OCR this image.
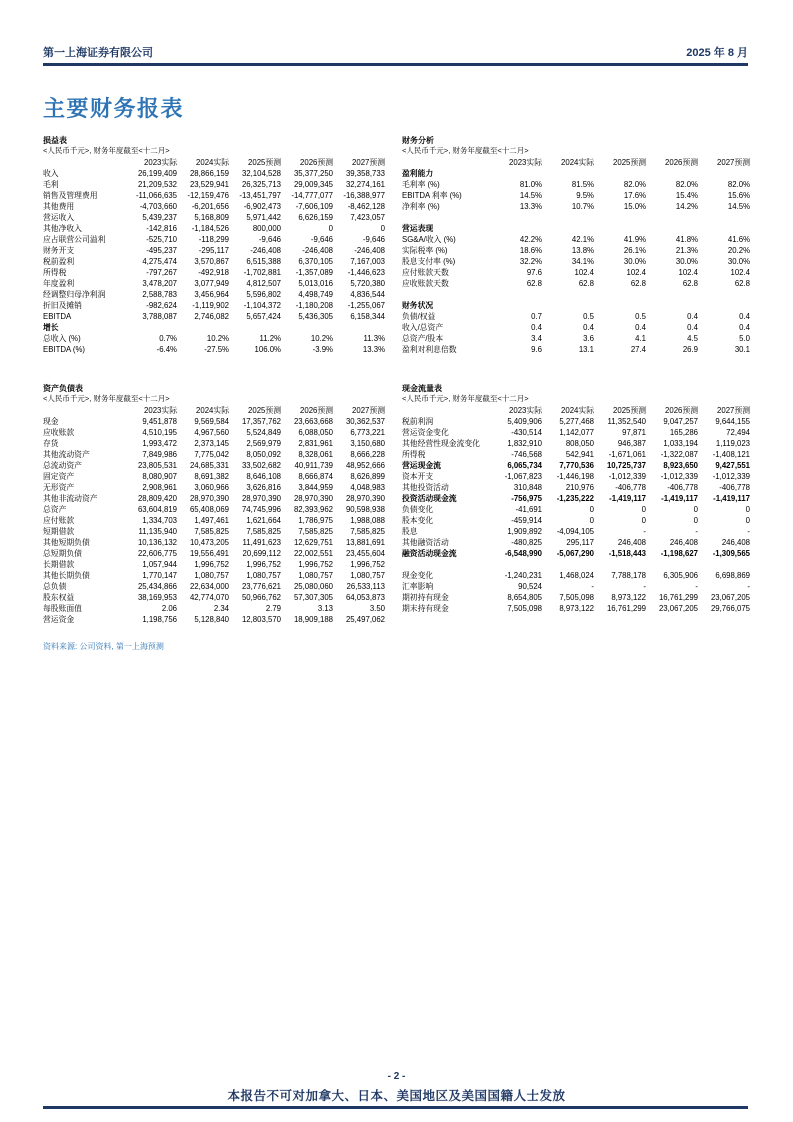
第一上海证券有限公司	2025 年 8 月
主要财务报表
损益表
<人民币千元>, 财务年度截至<十二月>
	2023实际	2024实际	2025预测	2026预测	2027预测
收入	26,199,409	28,866,159	32,104,528	35,377,250	39,358,733
毛利	21,209,532	23,529,941	26,325,713	29,009,345	32,274,161
销售及管理费用	-11,066,635	-12,159,476	-13,451,797	-14,777,077	-16,388,977
其他费用	-4,703,660	-6,201,656	-6,902,473	-7,606,109	-8,462,128
营运收入	5,439,237	5,168,809	5,971,442	6,626,159	7,423,057
其他净收入	-142,816	-1,184,526	800,000	0	0
应占联营公司溢利	-525,710	-118,299	-9,646	-9,646	-9,646
财务开支	-495,237	-295,117	-246,408	-246,408	-246,408
税前盈利	4,275,474	3,570,867	6,515,388	6,370,105	7,167,003
所得税	-797,267	-492,918	-1,702,881	-1,357,089	-1,446,623
年度盈利	3,478,207	3,077,949	4,812,507	5,013,016	5,720,380
经调整归母净利润	2,588,783	3,456,964	5,596,802	4,498,749	4,836,544
折旧及摊销	-982,624	-1,119,902	-1,104,372	-1,180,208	-1,255,067
EBITDA	3,788,087	2,746,082	5,657,424	5,436,305	6,158,344
增长					
总收入 (%)	0.7%	10.2%	11.2%	10.2%	11.3%
EBITDA (%)	-6.4%	-27.5%	106.0%	-3.9%	13.3%
财务分析
<人民币千元>, 财务年度截至<十二月>
	2023实际	2024实际	2025预测	2026预测	2027预测
盈利能力					
毛利率 (%)	81.0%	81.5%	82.0%	82.0%	82.0%
EBITDA 利率 (%)	14.5%	9.5%	17.6%	15.4%	15.6%
净利率 (%)	13.3%	10.7%	15.0%	14.2%	14.5%

营运表现					
SG&A/收入 (%)	42.2%	42.1%	41.9%	41.8%	41.6%
实际税率 (%)	18.6%	13.8%	26.1%	21.3%	20.2%
股息支付率 (%)	32.2%	34.1%	30.0%	30.0%	30.0%
应付账款天数	97.6	102.4	102.4	102.4	102.4
应收账款天数	62.8	62.8	62.8	62.8	62.8

财务状况					
负债/权益	0.7	0.5	0.5	0.4	0.4
收入/总资产	0.4	0.4	0.4	0.4	0.4
总资产/股本	3.4	3.6	4.1	4.5	5.0
盈利对利息倍数	9.6	13.1	27.4	26.9	30.1
资产负债表
<人民币千元>, 财务年度截至<十二月>
	2023实际	2024实际	2025预测	2026预测	2027预测
现金	9,451,878	9,569,584	17,357,762	23,663,668	30,362,537
应收账款	4,510,195	4,967,560	5,524,849	6,088,050	6,773,221
存货	1,993,472	2,373,145	2,569,979	2,831,961	3,150,680
其他流动资产	7,849,986	7,775,042	8,050,092	8,328,061	8,666,228
总流动资产	23,805,531	24,685,331	33,502,682	40,911,739	48,952,666
固定资产	8,080,907	8,691,382	8,646,108	8,666,874	8,626,899
无形资产	2,908,961	3,060,966	3,626,816	3,844,959	4,048,983
其他非流动资产	28,809,420	28,970,390	28,970,390	28,970,390	28,970,390
总资产	63,604,819	65,408,069	74,745,996	82,393,962	90,598,938
应付账款	1,334,703	1,497,461	1,621,664	1,786,975	1,988,088
短期借款	11,135,940	7,585,825	7,585,825	7,585,825	7,585,825
其他短期负债	10,136,132	10,473,205	11,491,623	12,629,751	13,881,691
总短期负债	22,606,775	19,556,491	20,699,112	22,002,551	23,455,604
长期借款	1,057,944	1,996,752	1,996,752	1,996,752	1,996,752
其他长期负债	1,770,147	1,080,757	1,080,757	1,080,757	1,080,757
总负债	25,434,866	22,634,000	23,776,621	25,080,060	26,533,113
股东权益	38,169,953	42,774,070	50,966,762	57,307,305	64,053,873
每股账面值	2.06	2.34	2.79	3.13	3.50
营运资金	1,198,756	5,128,840	12,803,570	18,909,188	25,497,062
现金流量表
<人民币千元>, 财务年度截至<十二月>
	2023实际	2024实际	2025预测	2026预测	2027预测
税前利润	5,409,906	5,277,468	11,352,540	9,047,257	9,644,155
营运资金变化	-430,514	1,142,077	97,871	165,286	72,494
其他经营性现金流变化	1,832,910	808,050	946,387	1,033,194	1,119,023
所得税	-746,568	542,941	-1,671,061	-1,322,087	-1,408,121
营运现金流	6,065,734	7,770,536	10,725,737	8,923,650	9,427,551
资本开支	-1,067,823	-1,446,198	-1,012,339	-1,012,339	-1,012,339
其他投资活动	310,848	210,976	-406,778	-406,778	-406,778
投资活动现金流	-756,975	-1,235,222	-1,419,117	-1,419,117	-1,419,117
负债变化	-41,691	0	0	0	0
股本变化	-459,914	0	0	0	0
股息	1,909,892	-4,094,105	-	-	-
其他融资活动	-480,825	295,117	246,408	246,408	246,408
融资活动现金流	-6,548,990	-5,067,290	-1,518,443	-1,198,627	-1,309,565

现金变化	-1,240,231	1,468,024	7,788,178	6,305,906	6,698,869
汇率影响	90,524	-	-	-	-
期初持有现金	8,654,805	7,505,098	8,973,122	16,761,299	23,067,205
期末持有现金	7,505,098	8,973,122	16,761,299	23,067,205	29,766,075
资料来源: 公司资料, 第一上海预测
- 2 -
本报告不可对加拿大、日本、美国地区及美国国籍人士发放
